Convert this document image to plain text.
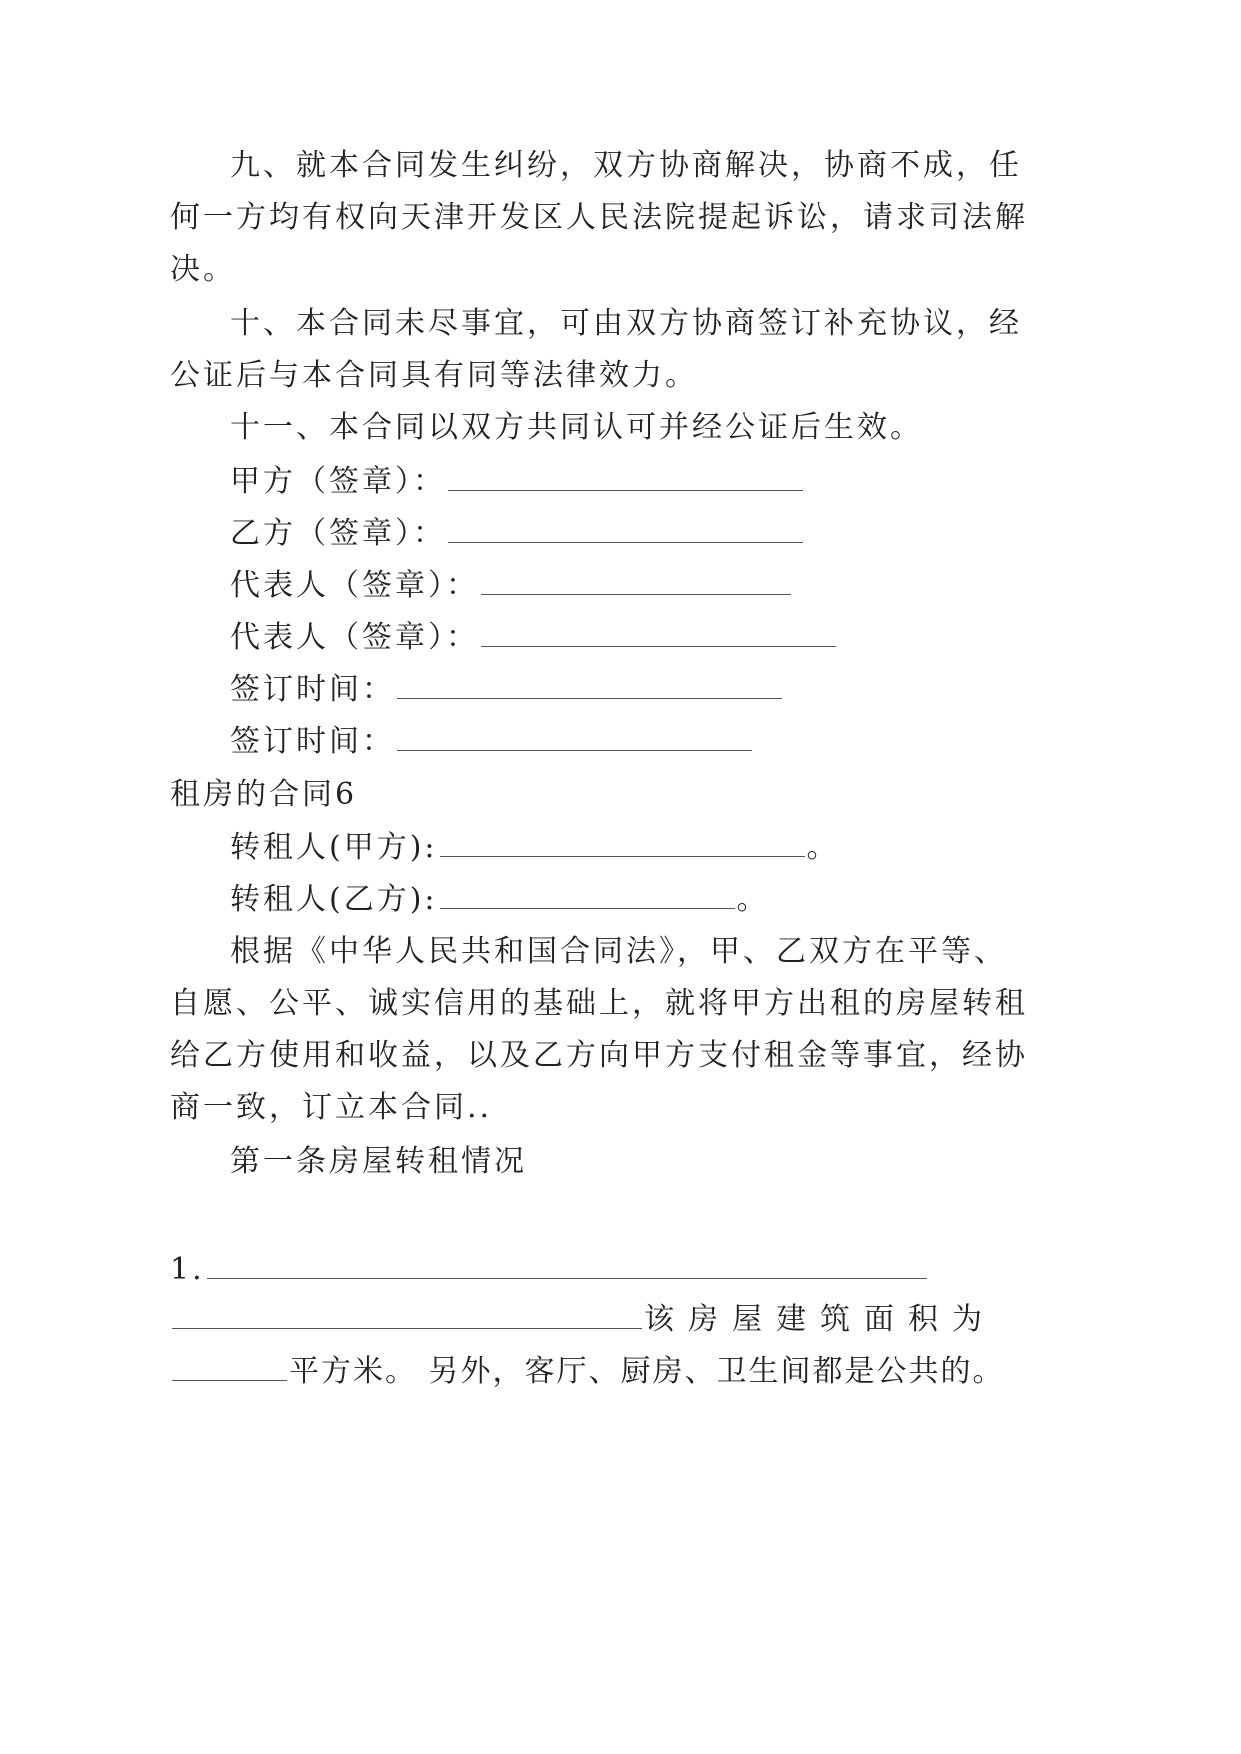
九、就本合同发生纠纷，双方协商解决，协商不成，任
何一方均有权向天津开发区人民法院提起诉讼，请求司法解
决。
十、本合同未尽事宜，可由双方协商签订补充协议，经
公证后与本合同具有同等法律效力。
十一、本合同以双方共同认可并经公证后生效。
甲方（签章）：
乙方（签章）：
代表人（签章）：
代表人（签章）：
签订时间：
签订时间：
租房的合同6
转租人(甲方):	。
转租人(乙方):	。
根据《中华人民共和国合同法》，甲、乙双方在平等、
自愿、公平、诚实信用的基础上，就将甲方出租的房屋转租
给乙方使用和收益，以及乙方向甲方支付租金等事宜，经协
商一致，订立本合同..
第一条房屋转租情况
1.
该房屋建筑面积为
平方米。 另外，客厅、厨房、卫生间都是公共的。
